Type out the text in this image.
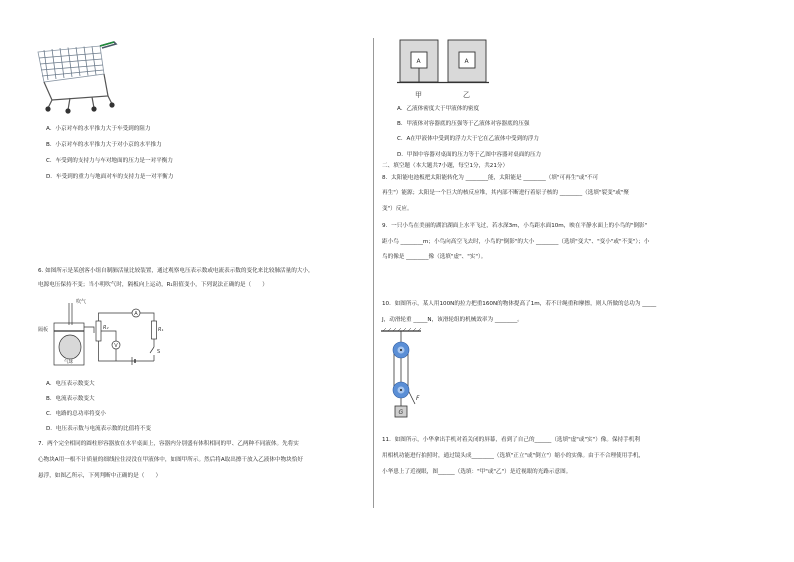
A．小京对车的水平推力大于车受到的阻力
B．小京对车的水平推力大于对小京的水平推力
C．车受到的支持力与车对地面的压力是一对平衡力
D．车受到的重力与地面对车的支持力是一对平衡力
6. 如图所示是某创客小组自制肺活量比较装置，通过观察电压表示数或电流表示数的变化来比较肺活量的大小，
电源电压保持不变；当小明吹气时，隔板向上运动，R₁阻值变小，下列说法正确的是（　　）
吹气
隔板
气球
R₂	R₁
A
V
S
A．电压表示数变大
B．电流表示数变大
C．电路的总功率将变小
D．电压表示数与电流表示数的比值将不变
7．两个完全相同的圆柱形容器放在水平桌面上，容器内分别盛有体积相同的甲、乙两种不同液体。先将实
心物块A用一根不计质量的细线拉住浸没在甲液体中，如图甲所示。然后将A取出擦干放入乙液体中物块恰好
悬浮，如图乙所示，下列判断中正确的是（　　）
A	A
甲	乙
A．乙液体密度大于甲液体的密度
B．甲液体对容器底的压强等于乙液体对容器底的压强
C．A在甲液体中受到的浮力大于它在乙液体中受到的浮力
D．甲图中容器对桌面的压力等于乙图中容器对桌面的压力
二、填空题（本大题共7小题，每空1分，共21分）
8．太阳能电池板把太阳能转化为 ________能，太阳能是 ________（填"可再生"或"不可
再生"）能源；太阳是一个巨大的核反应堆，其内部不断进行着原子核的 ________（选填"裂变"或"聚
变"）反应。
9．一只小鸟在美丽的湖泊湖面上水平飞过，若水深3m，小鸟距水面10m，映在平静水面上的小鸟的"倒影"
距小鸟 ________m；小鸟向高空飞去时，小鸟的"倒影"的大小 ________（选填"变大"、"变小"或"不变"）；小
鸟的像是 ________像（选填"虚"、"实"）。
10．如图所示，某人用100N的拉力把重160N的物体提高了1m，若不计绳重和摩擦，则人所做的总功为 _____
J，动滑轮重 _____N，该滑轮组的机械效率为 ________。
F
G
11．如图所示，小华拿出手机对着关闭的屏幕，看到了自己的______（选填"虚"或"实"）像。保持手机利
用相机功能进行拍照时，通过镜头成________（选填"正立"或"倒立"）缩小的实像。由于不合理使用手机，
小华患上了近视眼，图______（选填："甲"或"乙"）是近视眼的光路示意图。
